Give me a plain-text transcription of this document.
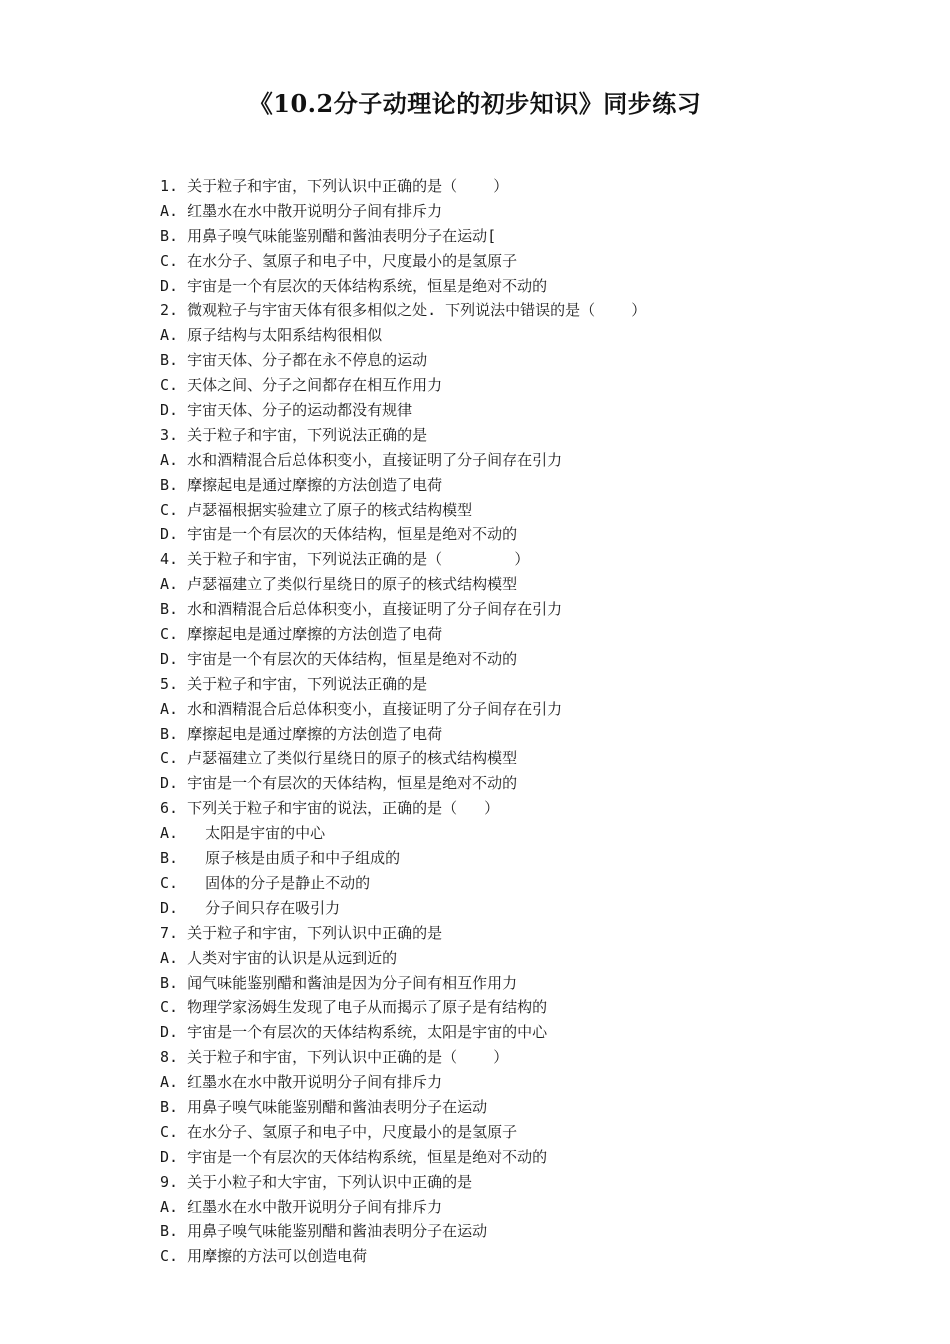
《10.2分子动理论的初步知识》同步练习
1. 关于粒子和宇宙，下列认识中正确的是（    ）
A. 红墨水在水中散开说明分子间有排斥力
B. 用鼻子嗅气味能鉴别醋和酱油表明分子在运动[
C. 在水分子、氢原子和电子中，尺度最小的是氢原子
D. 宇宙是一个有层次的天体结构系统，恒星是绝对不动的
2. 微观粒子与宇宙天体有很多相似之处. 下列说法中错误的是（    ）
A. 原子结构与太阳系结构很相似
B. 宇宙天体、分子都在永不停息的运动
C. 天体之间、分子之间都存在相互作用力
D. 宇宙天体、分子的运动都没有规律
3. 关于粒子和宇宙，下列说法正确的是
A. 水和酒精混合后总体积变小，直接证明了分子间存在引力
B. 摩擦起电是通过摩擦的方法创造了电荷
C. 卢瑟福根据实验建立了原子的核式结构模型
D. 宇宙是一个有层次的天体结构，恒星是绝对不动的
4. 关于粒子和宇宙，下列说法正确的是（        ）
A. 卢瑟福建立了类似行星绕日的原子的核式结构模型
B. 水和酒精混合后总体积变小，直接证明了分子间存在引力
C. 摩擦起电是通过摩擦的方法创造了电荷
D. 宇宙是一个有层次的天体结构，恒星是绝对不动的
5. 关于粒子和宇宙，下列说法正确的是
A. 水和酒精混合后总体积变小，直接证明了分子间存在引力
B. 摩擦起电是通过摩擦的方法创造了电荷
C. 卢瑟福建立了类似行星绕日的原子的核式结构模型
D. 宇宙是一个有层次的天体结构，恒星是绝对不动的
6. 下列关于粒子和宇宙的说法，正确的是（   ）
A.   太阳是宇宙的中心
B.   原子核是由质子和中子组成的
C.   固体的分子是静止不动的
D.   分子间只存在吸引力
7. 关于粒子和宇宙，下列认识中正确的是
A. 人类对宇宙的认识是从远到近的
B. 闻气味能鉴别醋和酱油是因为分子间有相互作用力
C. 物理学家汤姆生发现了电子从而揭示了原子是有结构的
D. 宇宙是一个有层次的天体结构系统，太阳是宇宙的中心
8. 关于粒子和宇宙，下列认识中正确的是（    ）
A. 红墨水在水中散开说明分子间有排斥力
B. 用鼻子嗅气味能鉴别醋和酱油表明分子在运动
C. 在水分子、氢原子和电子中，尺度最小的是氢原子
D. 宇宙是一个有层次的天体结构系统，恒星是绝对不动的
9. 关于小粒子和大宇宙，下列认识中正确的是
A. 红墨水在水中散开说明分子间有排斥力
B. 用鼻子嗅气味能鉴别醋和酱油表明分子在运动
C. 用摩擦的方法可以创造电荷
